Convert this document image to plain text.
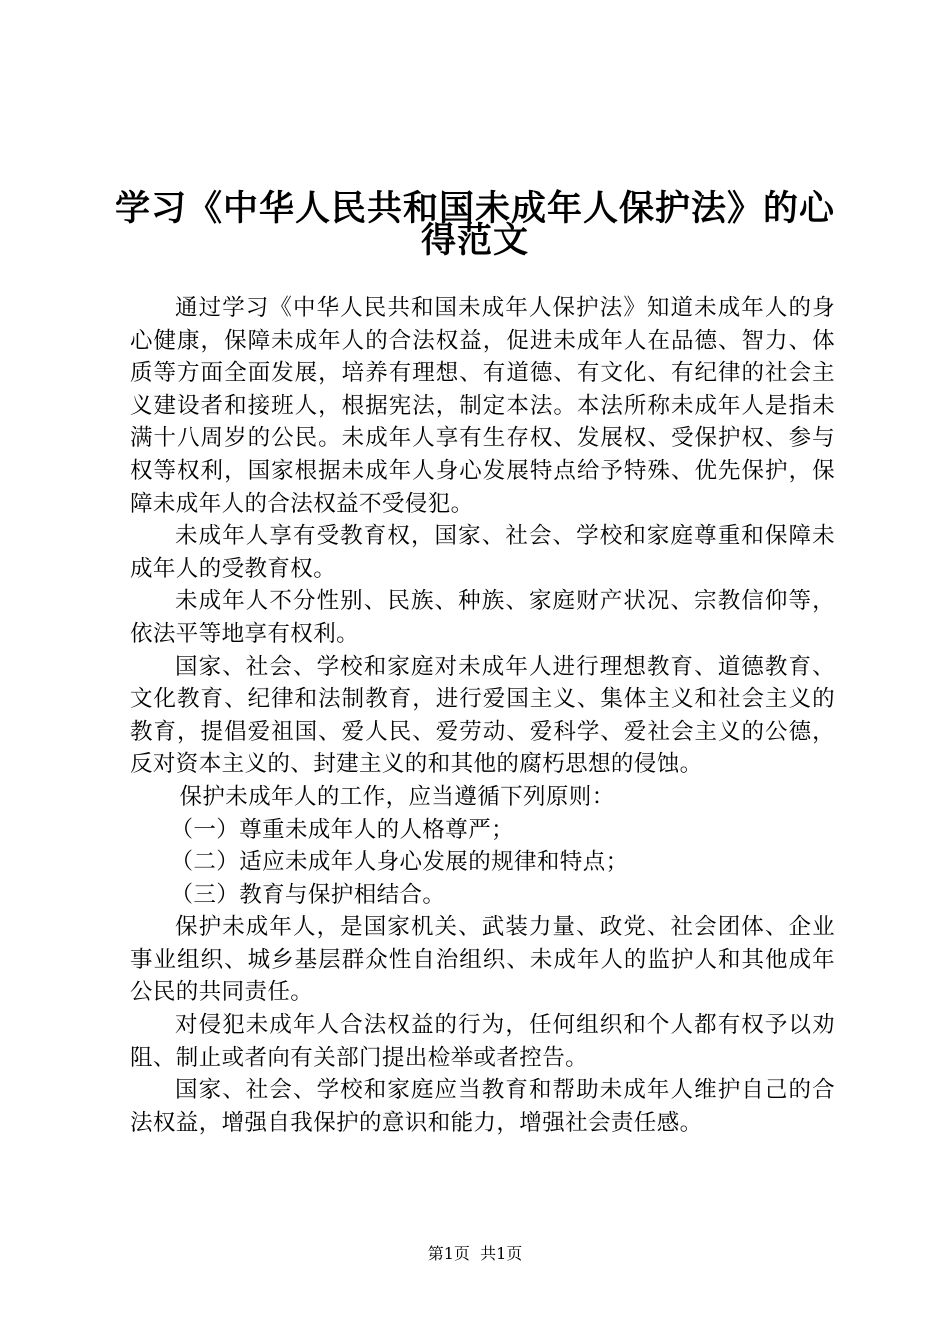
学习《中华人民共和国未成年人保护法》的心
得范文

通过学习《中华人民共和国未成年人保护法》知道未成年人的身心健康，保障未成年人的合法权益，促进未成年人在品德、智力、体质等方面全面发展，培养有理想、有道德、有文化、有纪律的社会主义建设者和接班人，根据宪法，制定本法。本法所称未成年人是指未满十八周岁的公民。未成年人享有生存权、发展权、受保护权、参与权等权利，国家根据未成年人身心发展特点给予特殊、优先保护，保障未成年人的合法权益不受侵犯。

未成年人享有受教育权，国家、社会、学校和家庭尊重和保障未成年人的受教育权。

未成年人不分性别、民族、种族、家庭财产状况、宗教信仰等，依法平等地享有权利。

国家、社会、学校和家庭对未成年人进行理想教育、道德教育、文化教育、纪律和法制教育，进行爱国主义、集体主义和社会主义的教育，提倡爱祖国、爱人民、爱劳动、爱科学、爱社会主义的公德，反对资本主义的、封建主义的和其他的腐朽思想的侵蚀。

保护未成年人的工作，应当遵循下列原则：

（一）尊重未成年人的人格尊严；

（二）适应未成年人身心发展的规律和特点；

（三）教育与保护相结合。

保护未成年人，是国家机关、武装力量、政党、社会团体、企业事业组织、城乡基层群众性自治组织、未成年人的监护人和其他成年公民的共同责任。

对侵犯未成年人合法权益的行为，任何组织和个人都有权予以劝阻、制止或者向有关部门提出检举或者控告。

国家、社会、学校和家庭应当教育和帮助未成年人维护自己的合法权益，增强自我保护的意识和能力，增强社会责任感。

第1页  共1页
